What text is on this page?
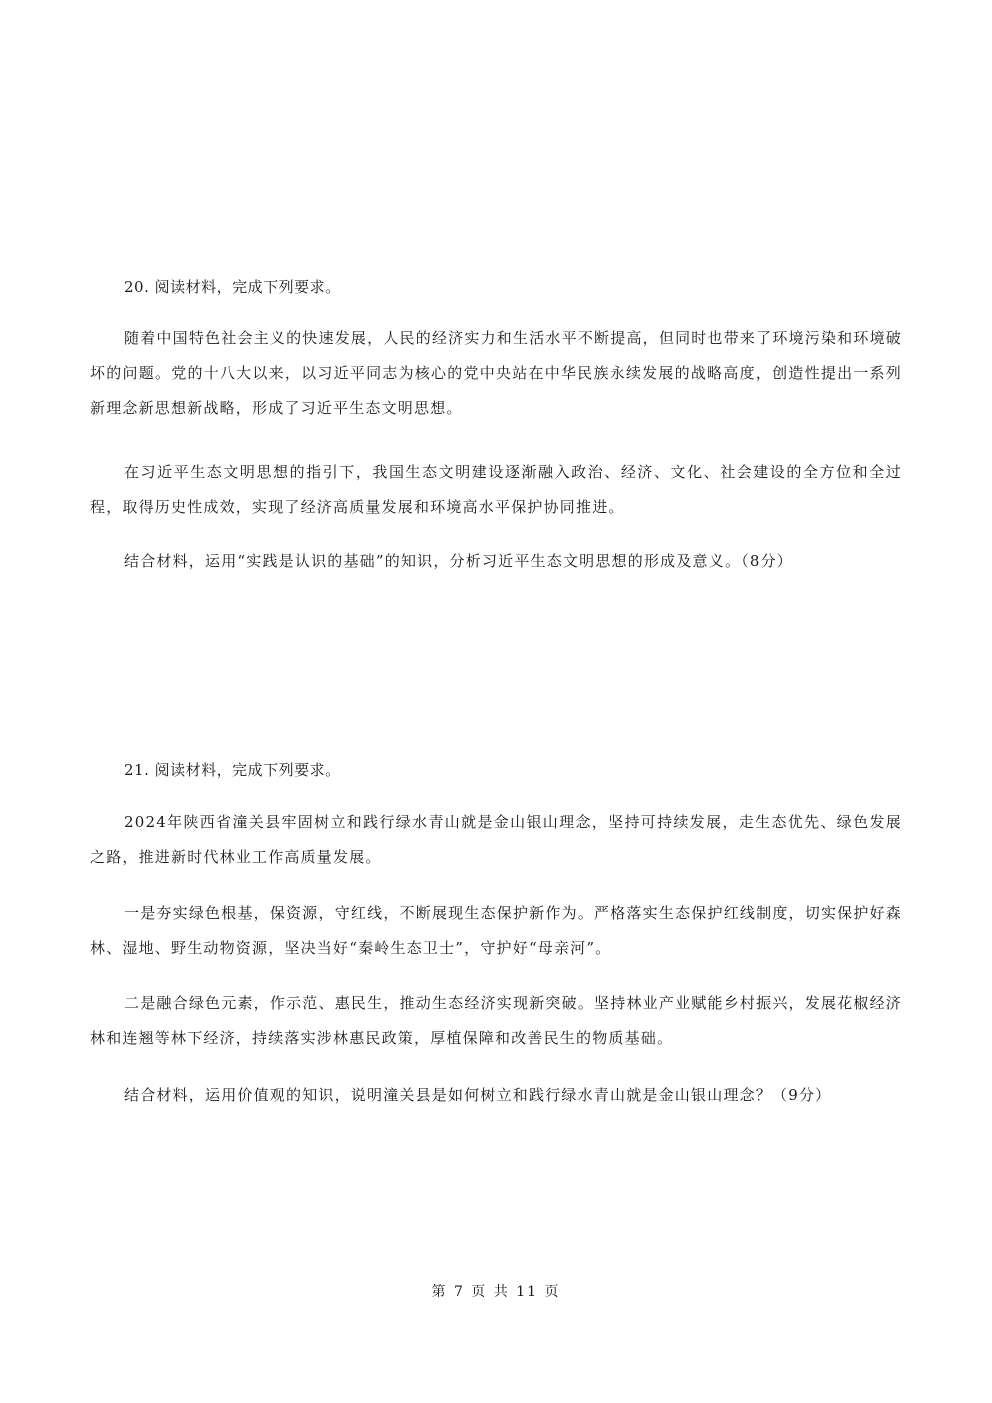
20. 阅读材料，完成下列要求。

随着中国特色社会主义的快速发展，人民的经济实力和生活水平不断提高，但同时也带来了环境污染和环境破坏的问题。党的十八大以来，以习近平同志为核心的党中央站在中华民族永续发展的战略高度，创造性提出一系列新理念新思想新战略，形成了习近平生态文明思想。

在习近平生态文明思想的指引下，我国生态文明建设逐渐融入政治、经济、文化、社会建设的全方位和全过程，取得历史性成效，实现了经济高质量发展和环境高水平保护协同推进。

结合材料，运用“实践是认识的基础”的知识，分析习近平生态文明思想的形成及意义。（8分）

21. 阅读材料，完成下列要求。

2024年陕西省潼关县牢固树立和践行绿水青山就是金山银山理念，坚持可持续发展，走生态优先、绿色发展之路，推进新时代林业工作高质量发展。

一是夯实绿色根基，保资源，守红线，不断展现生态保护新作为。严格落实生态保护红线制度，切实保护好森林、湿地、野生动物资源，坚决当好“秦岭生态卫士”，守护好“母亲河”。

二是融合绿色元素，作示范、惠民生，推动生态经济实现新突破。坚持林业产业赋能乡村振兴，发展花椒经济林和连翘等林下经济，持续落实涉林惠民政策，厚植保障和改善民生的物质基础。

结合材料，运用价值观的知识，说明潼关县是如何树立和践行绿水青山就是金山银山理念？（9分）

第 7 页 共 11 页
